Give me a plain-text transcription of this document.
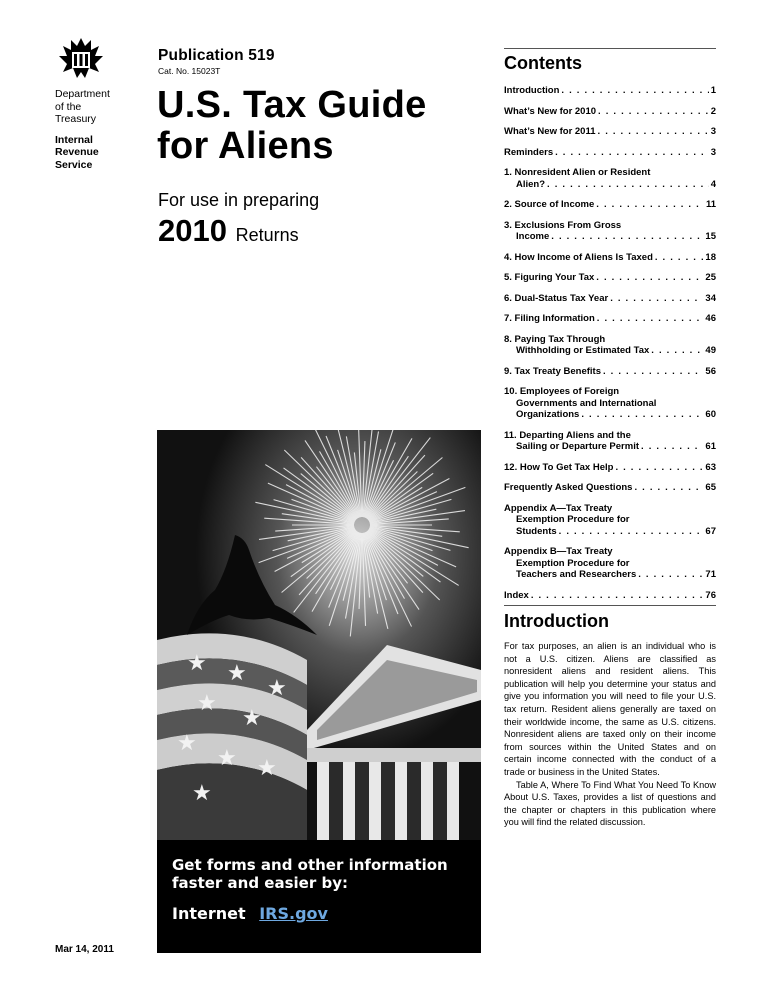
Department
of the
Treasury
Internal
Revenue
Service
Publication 519
Cat. No. 15023T
U.S. Tax Guide
for Aliens
For use in preparing
2010 Returns
★ ★
★
★
★
★
★ ★
★
Get forms and other information
faster and easier by:
Internet IRS.gov
Mar 14, 2011
Contents
Introduction . . .	1
What’s New for 2010 . . .	2
What’s New for 2011 . . .	3
Reminders . . .	3
1. Nonresident Alien or Resident
Alien? . . .	4
2. Source of Income . . .	11
3. Exclusions From Gross
Income . . .	15
4. How Income of Aliens Is Taxed . . .	18
5. Figuring Your Tax . . .	25
6. Dual-Status Tax Year . . .	34
7. Filing Information . . .	46
8. Paying Tax Through
Withholding or Estimated Tax . . .	49
9. Tax Treaty Benefits . . .	56
10. Employees of Foreign
Governments and International
Organizations . . .	60
11. Departing Aliens and the
Sailing or Departure Permit . . .	61
12. How To Get Tax Help . . .	63
Frequently Asked Questions . . .	65
Appendix A—Tax Treaty
Exemption Procedure for
Students . . .	67
Appendix B—Tax Treaty
Exemption Procedure for
Teachers and Researchers . . .	71
Index . . .	76
Introduction

For tax purposes, an alien is an individual who is not a U.S. citizen. Aliens are classified as nonresident aliens and resident aliens. This publication will help you determine your status and give you information you will need to file your U.S. tax return. Resident aliens generally are taxed on their worldwide income, the same as U.S. citizens. Nonresident aliens are taxed only on their income from sources within the United States and on certain income connected with the conduct of a trade or business in the United States.

Table A, Where To Find What You Need To Know About U.S. Taxes, provides a list of questions and the chapter or chapters in this publication where you will find the related discussion.
